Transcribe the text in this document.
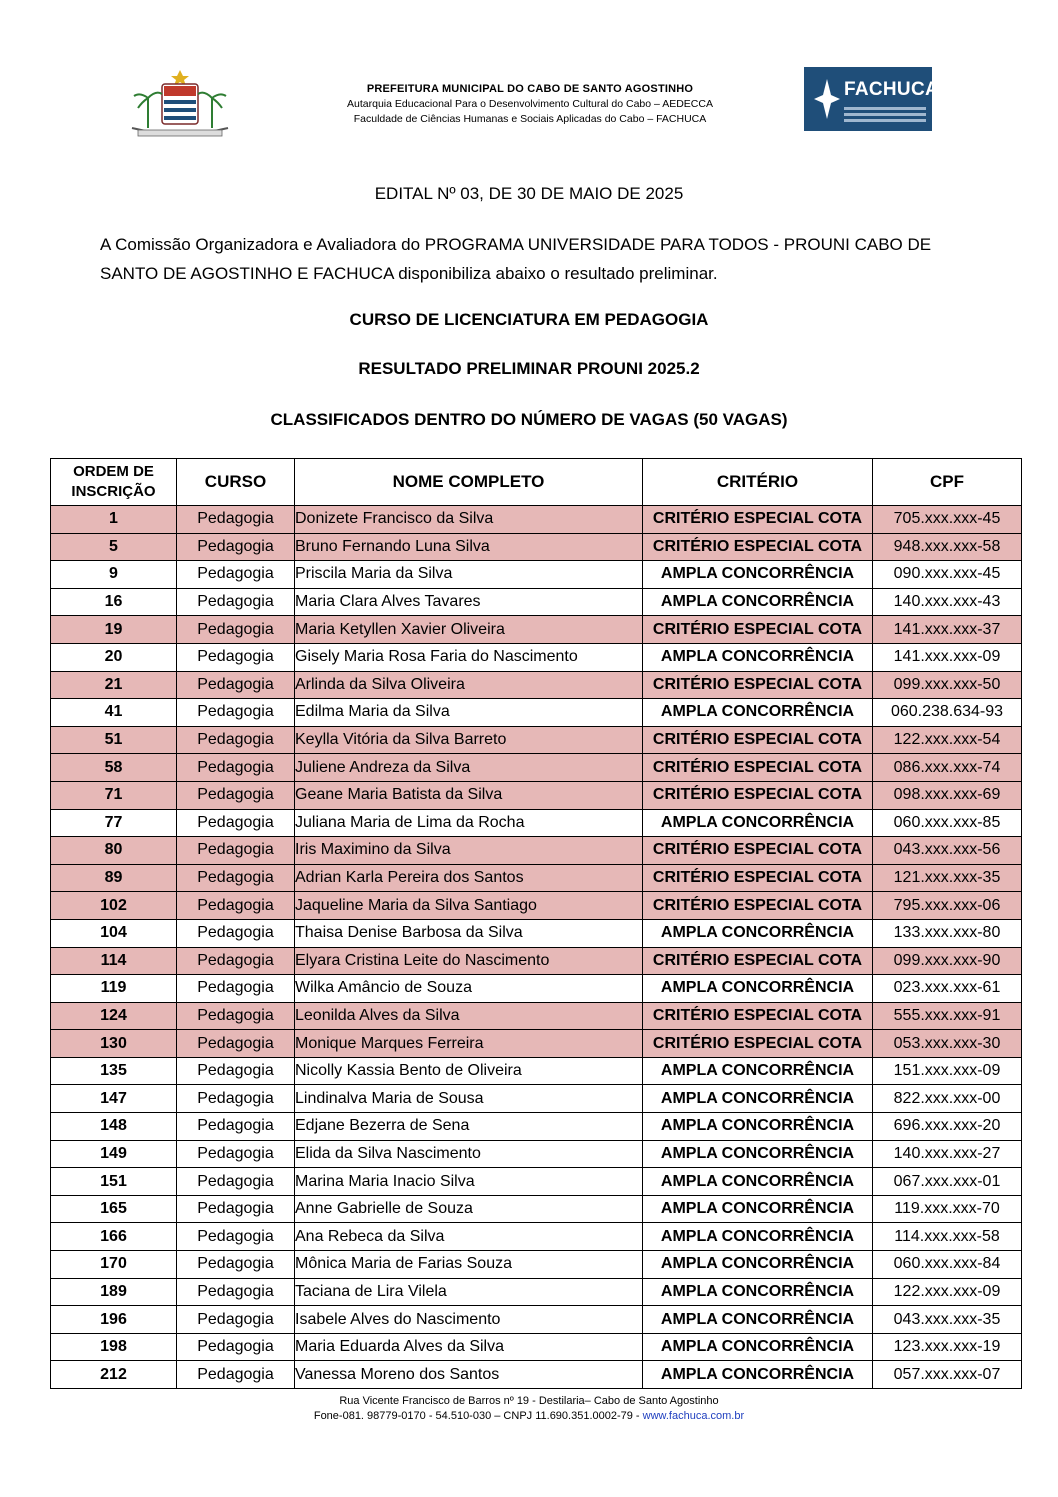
PREFEITURA MUNICIPAL DO CABO DE SANTO AGOSTINHO
Autarquia Educacional Para o Desenvolvimento Cultural do Cabo – AEDECCA
Faculdade de Ciências Humanas e Sociais Aplicadas do Cabo – FACHUCA
FACHUCA
EDITAL Nº 03, DE 30 DE MAIO DE 2025
A Comissão Organizadora e Avaliadora do PROGRAMA UNIVERSIDADE PARA TODOS - PROUNI CABO DE SANTO DE AGOSTINHO E FACHUCA disponibiliza abaixo o resultado preliminar.
CURSO DE LICENCIATURA EM PEDAGOGIA
RESULTADO PRELIMINAR PROUNI 2025.2
CLASSIFICADOS DENTRO DO NÚMERO DE VAGAS (50 VAGAS)
ORDEM DE
INSCRIÇÃO	CURSO	NOME COMPLETO	CRITÉRIO	CPF
1	Pedagogia	Donizete Francisco da Silva	CRITÉRIO ESPECIAL COTA	705.xxx.xxx-45
5	Pedagogia	Bruno Fernando Luna Silva	CRITÉRIO ESPECIAL COTA	948.xxx.xxx-58
9	Pedagogia	Priscila Maria da Silva	AMPLA CONCORRÊNCIA	090.xxx.xxx-45
16	Pedagogia	Maria Clara Alves Tavares	AMPLA CONCORRÊNCIA	140.xxx.xxx-43
19	Pedagogia	Maria Ketyllen Xavier Oliveira	CRITÉRIO ESPECIAL COTA	141.xxx.xxx-37
20	Pedagogia	Gisely Maria Rosa Faria do Nascimento	AMPLA CONCORRÊNCIA	141.xxx.xxx-09
21	Pedagogia	Arlinda da Silva Oliveira	CRITÉRIO ESPECIAL COTA	099.xxx.xxx-50
41	Pedagogia	Edilma Maria da Silva	AMPLA CONCORRÊNCIA	060.238.634-93
51	Pedagogia	Keylla Vitória da Silva Barreto	CRITÉRIO ESPECIAL COTA	122.xxx.xxx-54
58	Pedagogia	Juliene Andreza da Silva	CRITÉRIO ESPECIAL COTA	086.xxx.xxx-74
71	Pedagogia	Geane Maria Batista da Silva	CRITÉRIO ESPECIAL COTA	098.xxx.xxx-69
77	Pedagogia	Juliana Maria de Lima da Rocha	AMPLA CONCORRÊNCIA	060.xxx.xxx-85
80	Pedagogia	Iris Maximino da Silva	CRITÉRIO ESPECIAL COTA	043.xxx.xxx-56
89	Pedagogia	Adrian Karla Pereira dos Santos	CRITÉRIO ESPECIAL COTA	121.xxx.xxx-35
102	Pedagogia	Jaqueline Maria da Silva Santiago	CRITÉRIO ESPECIAL COTA	795.xxx.xxx-06
104	Pedagogia	Thaisa Denise Barbosa da Silva	AMPLA CONCORRÊNCIA	133.xxx.xxx-80
114	Pedagogia	Elyara Cristina Leite do Nascimento	CRITÉRIO ESPECIAL COTA	099.xxx.xxx-90
119	Pedagogia	Wilka Amâncio de Souza	AMPLA CONCORRÊNCIA	023.xxx.xxx-61
124	Pedagogia	Leonilda Alves da Silva	CRITÉRIO ESPECIAL COTA	555.xxx.xxx-91
130	Pedagogia	Monique Marques Ferreira	CRITÉRIO ESPECIAL COTA	053.xxx.xxx-30
135	Pedagogia	Nicolly Kassia Bento de Oliveira	AMPLA CONCORRÊNCIA	151.xxx.xxx-09
147	Pedagogia	Lindinalva Maria de Sousa	AMPLA CONCORRÊNCIA	822.xxx.xxx-00
148	Pedagogia	Edjane Bezerra de Sena	AMPLA CONCORRÊNCIA	696.xxx.xxx-20
149	Pedagogia	Elida da Silva Nascimento	AMPLA CONCORRÊNCIA	140.xxx.xxx-27
151	Pedagogia	Marina Maria Inacio Silva	AMPLA CONCORRÊNCIA	067.xxx.xxx-01
165	Pedagogia	Anne Gabrielle de Souza	AMPLA CONCORRÊNCIA	119.xxx.xxx-70
166	Pedagogia	Ana Rebeca da Silva	AMPLA CONCORRÊNCIA	114.xxx.xxx-58
170	Pedagogia	Mônica Maria de Farias Souza	AMPLA CONCORRÊNCIA	060.xxx.xxx-84
189	Pedagogia	Taciana de Lira Vilela	AMPLA CONCORRÊNCIA	122.xxx.xxx-09
196	Pedagogia	Isabele Alves do Nascimento	AMPLA CONCORRÊNCIA	043.xxx.xxx-35
198	Pedagogia	Maria Eduarda Alves da Silva	AMPLA CONCORRÊNCIA	123.xxx.xxx-19
212	Pedagogia	Vanessa Moreno dos Santos	AMPLA CONCORRÊNCIA	057.xxx.xxx-07
Rua Vicente Francisco de Barros nº 19 - Destilaria– Cabo de Santo Agostinho
Fone-081. 98779-0170 - 54.510-030 – CNPJ 11.690.351.0002-79 - www.fachuca.com.br
